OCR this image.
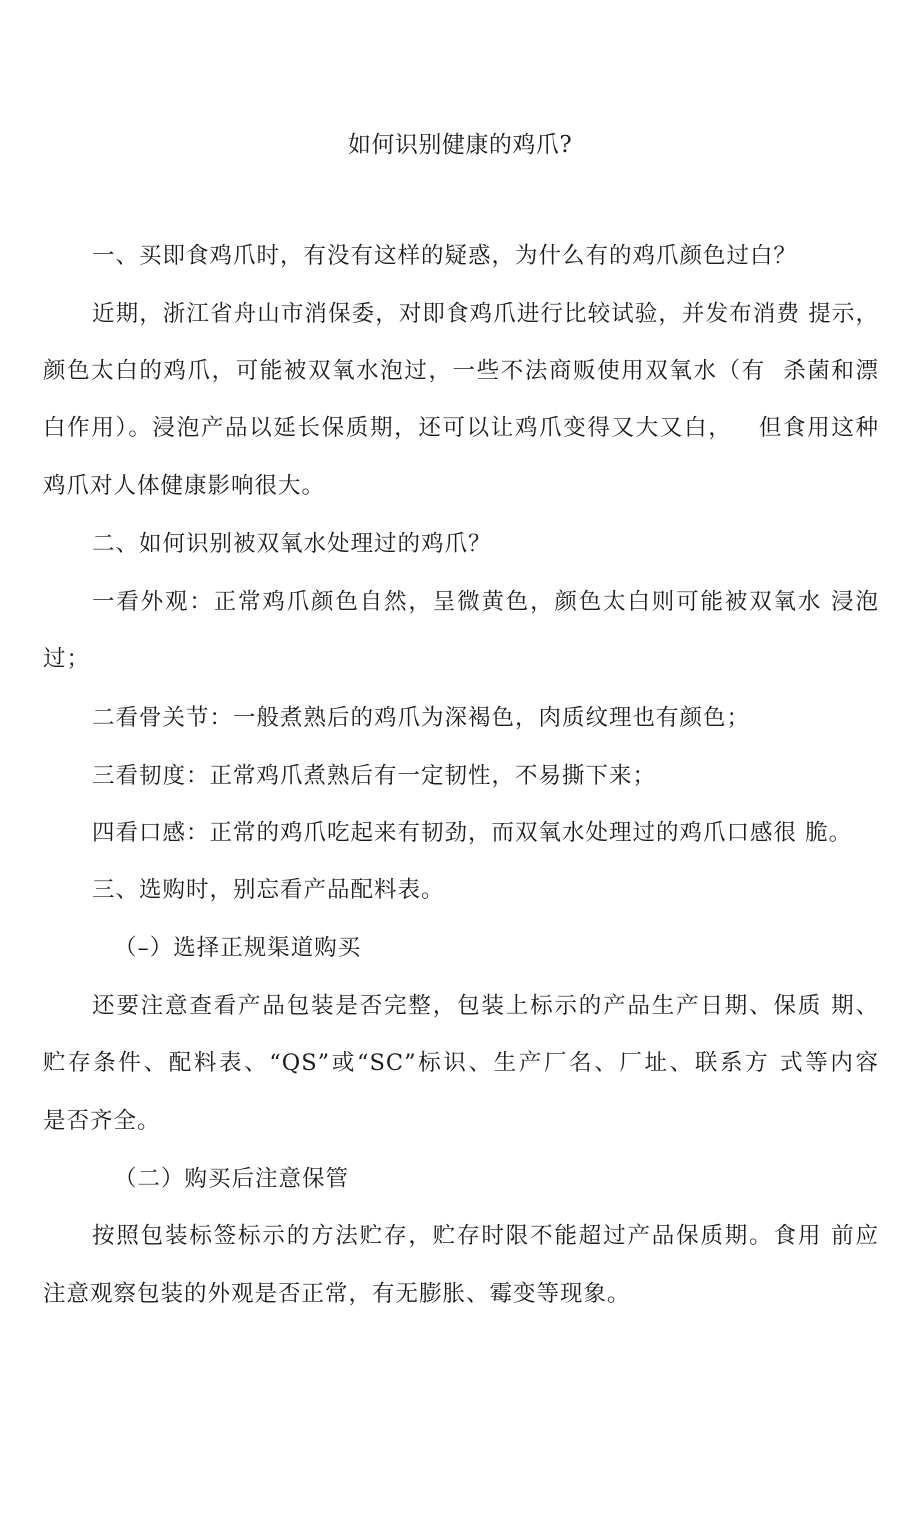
如何识别健康的鸡爪?
一、买即食鸡爪时，有没有这样的疑惑，为什么有的鸡爪颜色过白？
近期，浙江省舟山市消保委，对即食鸡爪进行比较试验，并发布消费 提示，
颜色太白的鸡爪，可能被双氧水泡过，一些不法商贩使用双氧水（有  杀菌和漂
白作用）。浸泡产品以延长保质期，还可以让鸡爪变得又大又白，   但食用这种
鸡爪对人体健康影响很大。
二、如何识别被双氧水处理过的鸡爪？
一看外观：正常鸡爪颜色自然，呈微黄色，颜色太白则可能被双氧水 浸泡
过；
二看骨关节：一般煮熟后的鸡爪为深褐色，肉质纹理也有颜色；
三看韧度：正常鸡爪煮熟后有一定韧性，不易撕下来；
四看口感：正常的鸡爪吃起来有韧劲，而双氧水处理过的鸡爪口感很 脆。
三、选购时，别忘看产品配料表。
（–）选择正规渠道购买
还要注意查看产品包装是否完整，包装上标示的产品生产日期、保质 期、
贮存条件、配料表、“QS”或“SC”标识、生产厂名、厂址、联系方 式等内容
是否齐全。
（二）购买后注意保管
按照包装标签标示的方法贮存，贮存时限不能超过产品保质期。食用 前应
注意观察包装的外观是否正常，有无膨胀、霉变等现象。
